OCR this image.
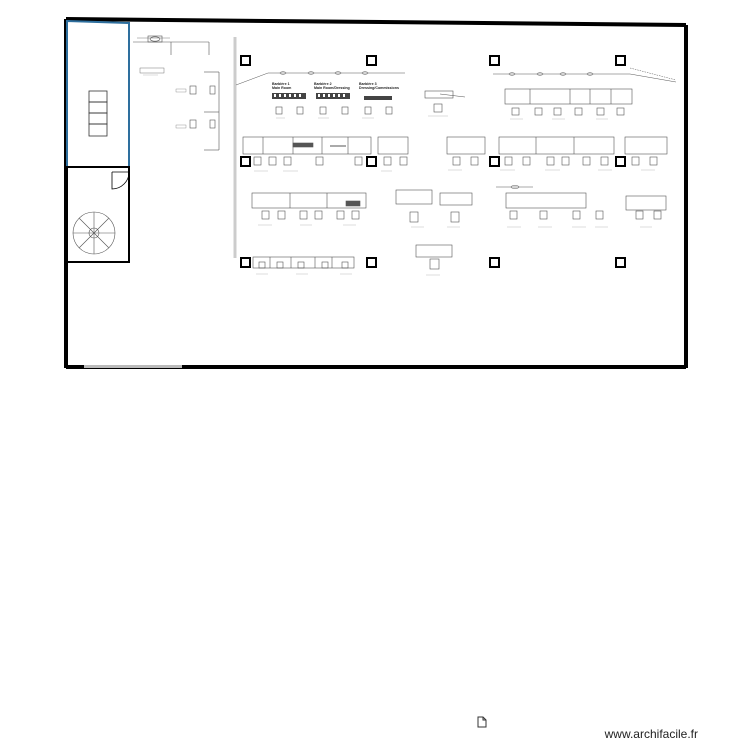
Barbière 1
Main Room
Barbière 2
Main Room/Dressing
Barbière 3
Dressing/Commissions
www.archifacile.fr
